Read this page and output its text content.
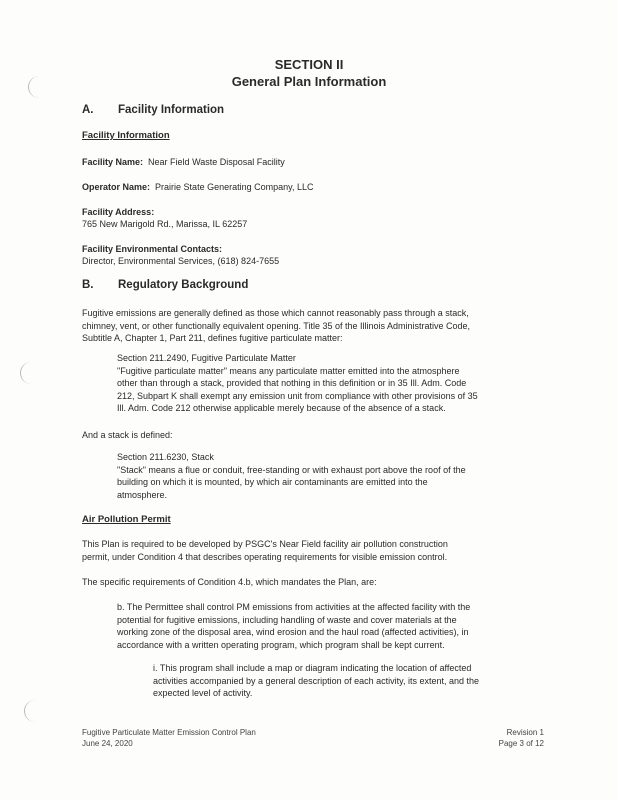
SECTION II
General Plan Information
A. Facility Information
Facility Information
Facility Name: Near Field Waste Disposal Facility
Operator Name: Prairie State Generating Company, LLC
Facility Address:
765 New Marigold Rd., Marissa, IL 62257
Facility Environmental Contacts:
Director, Environmental Services, (618) 824-7655
B. Regulatory Background
Fugitive emissions are generally defined as those which cannot reasonably pass through a stack,
chimney, vent, or other functionally equivalent opening. Title 35 of the Illinois Administrative Code,
Subtitle A, Chapter 1, Part 211, defines fugitive particulate matter:
Section 211.2490, Fugitive Particulate Matter
"Fugitive particulate matter" means any particulate matter emitted into the atmosphere
other than through a stack, provided that nothing in this definition or in 35 Ill. Adm. Code
212, Subpart K shall exempt any emission unit from compliance with other provisions of 35
Ill. Adm. Code 212 otherwise applicable merely because of the absence of a stack.
And a stack is defined:
Section 211.6230, Stack
"Stack" means a flue or conduit, free-standing or with exhaust port above the roof of the
building on which it is mounted, by which air contaminants are emitted into the
atmosphere.
Air Pollution Permit
This Plan is required to be developed by PSGC's Near Field facility air pollution construction
permit, under Condition 4 that describes operating requirements for visible emission control.
The specific requirements of Condition 4.b, which mandates the Plan, are:
b. The Permittee shall control PM emissions from activities at the affected facility with the
potential for fugitive emissions, including handling of waste and cover materials at the
working zone of the disposal area, wind erosion and the haul road (affected activities), in
accordance with a written operating program, which program shall be kept current.
i. This program shall include a map or diagram indicating the location of affected
activities accompanied by a general description of each activity, its extent, and the
expected level of activity.
Fugitive Particulate Matter Emission Control Plan
June 24, 2020
Revision 1
Page 3 of 12
